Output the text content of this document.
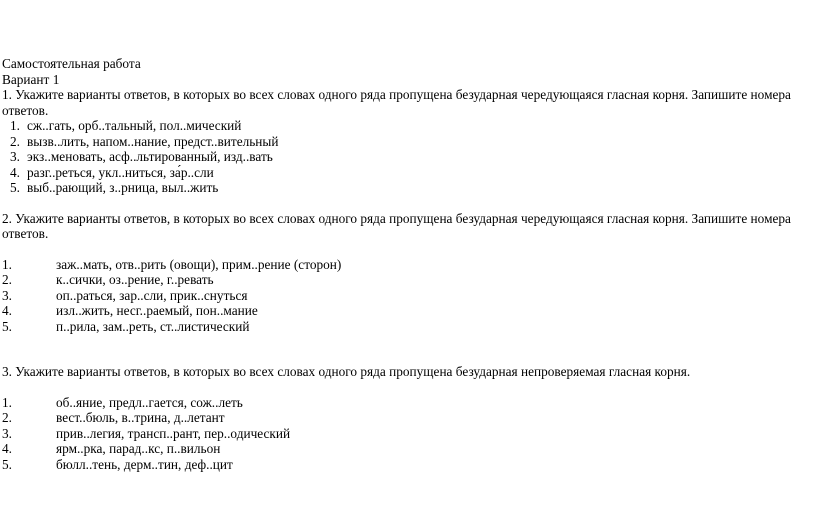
Самостоятельная работа
Вариант 1
1. Укажите варианты ответов, в которых во всех словах одного ряда пропущена безударная чередующаяся гласная корня. Запишите номера ответов.
1. сж..гать, орб..тальный, пол..мический
2. вызв..лить, напом..нание, предст..вительный
3. экз..меновать, асф..льтированный, изд..вать
4. разг..реться, укл..ниться, за́р..сли
5. выб..рающий, з..рница, выл..жить
2. Укажите варианты ответов, в которых во всех словах одного ряда пропущена безударная чередующаяся гласная корня. Запишите номера ответов.
1.	заж..мать, отв..рить (овощи), прим..рение (сторон)
2.	к..сички, оз..рение, г..ревать
3.	оп..раться, зар..сли, прик..снуться
4.	изл..жить, несг..раемый, пон..мание
5.	п..рила, зам..реть, ст..листический
3. Укажите варианты ответов, в которых во всех словах одного ряда пропущена безударная непроверяемая гласная корня.
1.	об..яние, предл..гается, сож..леть
2.	вест..бюль, в..трина, д..летант
3.	прив..легия, трансп..рант, пер..одический
4.	ярм..рка, парад..кс, п..вильон
5.	бюлл..тень, дерм..тин, деф..цит
